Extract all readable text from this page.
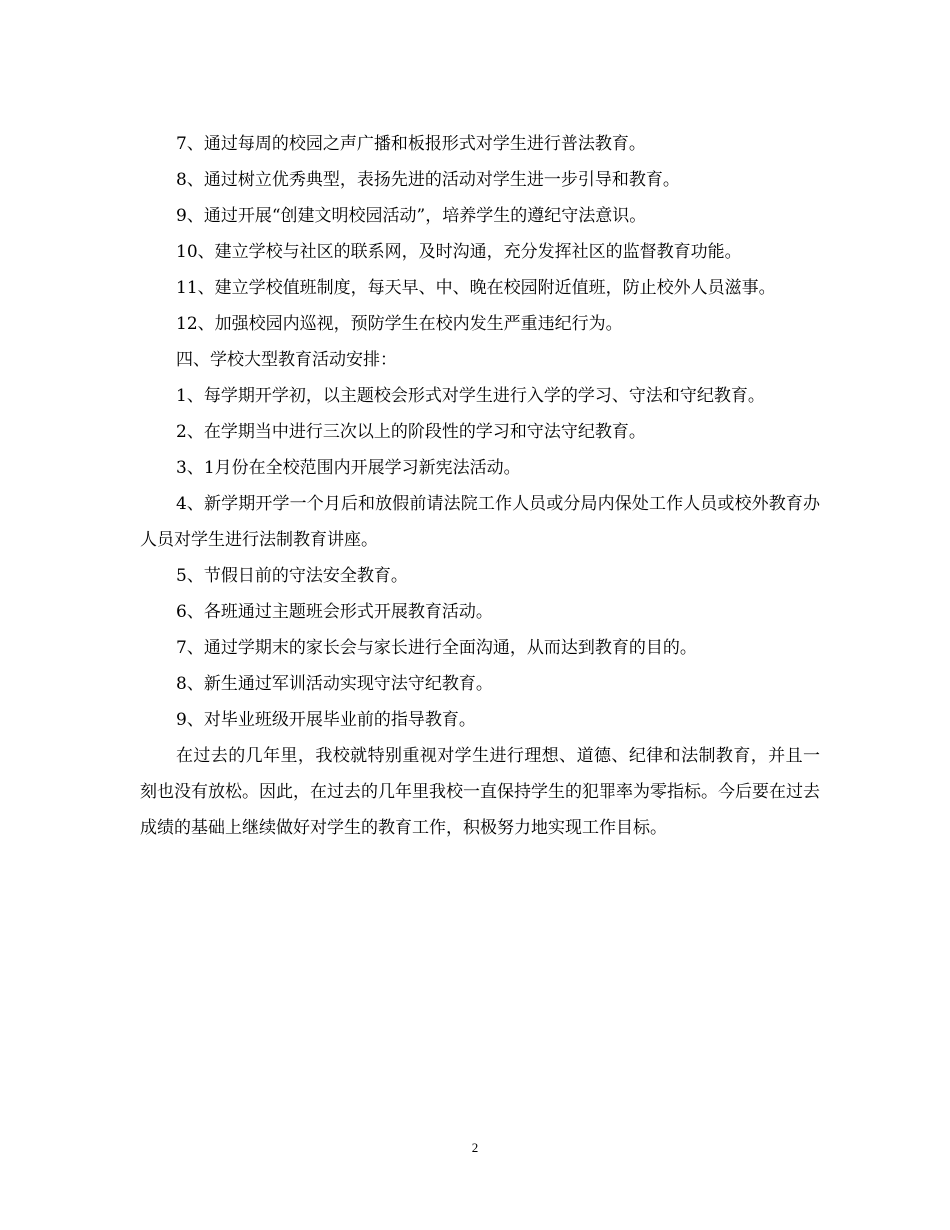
7、通过每周的校园之声广播和板报形式对学生进行普法教育。

8、通过树立优秀典型，表扬先进的活动对学生进一步引导和教育。

9、通过开展“创建文明校园活动”，培养学生的遵纪守法意识。

10、建立学校与社区的联系网，及时沟通，充分发挥社区的监督教育功能。

11、建立学校值班制度，每天早、中、晚在校园附近值班，防止校外人员滋事。

12、加强校园内巡视，预防学生在校内发生严重违纪行为。

四、学校大型教育活动安排：

1、每学期开学初，以主题校会形式对学生进行入学的学习、守法和守纪教育。

2、在学期当中进行三次以上的阶段性的学习和守法守纪教育。

3、1月份在全校范围内开展学习新宪法活动。

4、新学期开学一个月后和放假前请法院工作人员或分局内保处工作人员或校外教育办人员对学生进行法制教育讲座。

5、节假日前的守法安全教育。

6、各班通过主题班会形式开展教育活动。

7、通过学期末的家长会与家长进行全面沟通，从而达到教育的目的。

8、新生通过军训活动实现守法守纪教育。

9、对毕业班级开展毕业前的指导教育。

在过去的几年里，我校就特别重视对学生进行理想、道德、纪律和法制教育，并且一刻也没有放松。因此，在过去的几年里我校一直保持学生的犯罪率为零指标。今后要在过去成绩的基础上继续做好对学生的教育工作，积极努力地实现工作目标。

2
